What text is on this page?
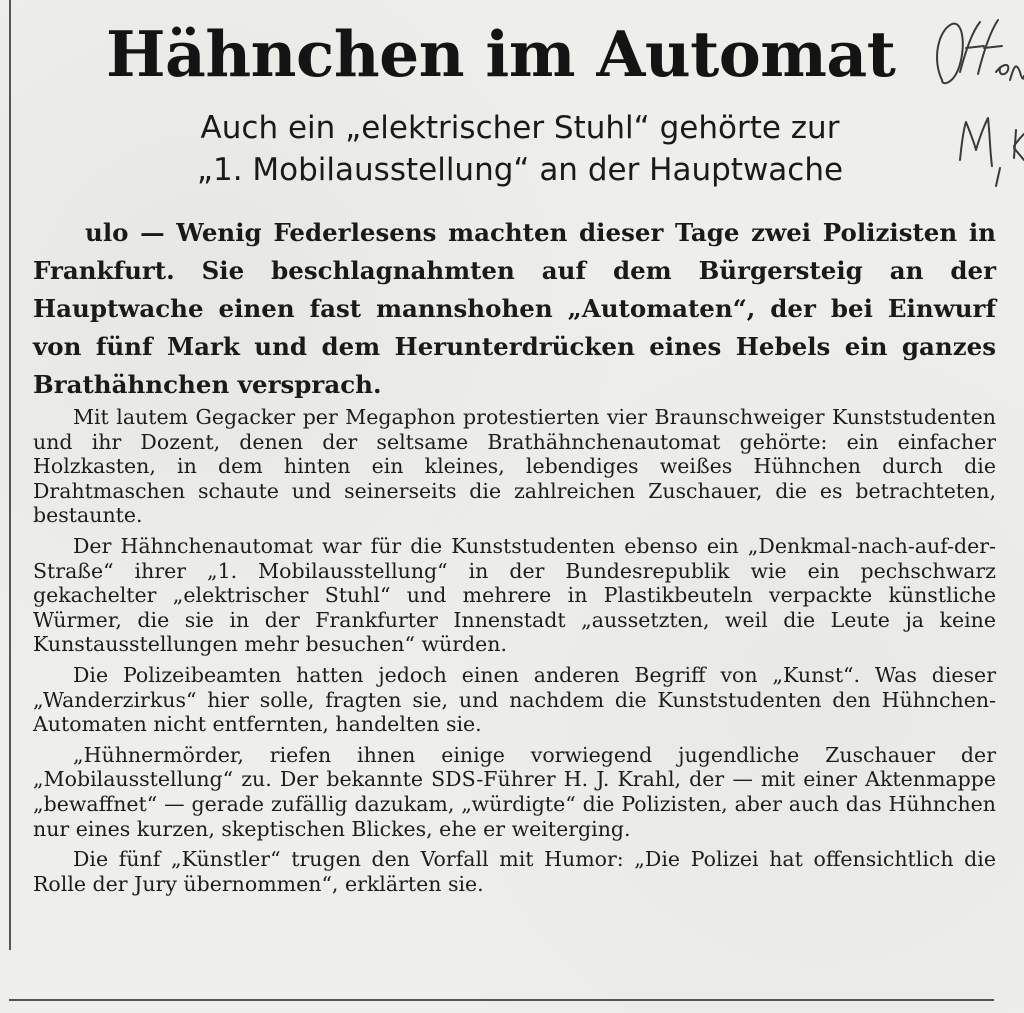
Hähnchen im Automat
Auch ein „elektrischer Stuhl“ gehörte zur
„1. Mobilausstellung“ an der Hauptwache
ulo — Wenig Federlesens machten dieser Tage zwei Polizisten in Frankfurt. Sie beschlagnahmten auf dem Bürgersteig an der Hauptwache einen fast mannshohen „Automaten“, der bei Einwurf von fünf Mark und dem Herunterdrücken eines Hebels ein ganzes Brathähnchen versprach.

Mit lautem Gegacker per Megaphon protestierten vier Braunschweiger Kunststudenten und ihr Dozent, denen der seltsame Brathähnchenautomat gehörte: ein einfacher Holzkasten, in dem hinten ein kleines, lebendiges weißes Hühnchen durch die Drahtmaschen schaute und seinerseits die zahlreichen Zuschauer, die es betrachteten, bestaunte.

Der Hähnchenautomat war für die Kunststudenten ebenso ein „Denkmal-nach-auf-der-Straße“ ihrer „1. Mobilausstellung“ in der Bundesrepublik wie ein pechschwarz gekachelter „elektrischer Stuhl“ und mehrere in Plastikbeuteln verpackte künstliche Würmer, die sie in der Frankfurter Innenstadt „aussetzten, weil die Leute ja keine Kunstausstellungen mehr besuchen“ würden.

Die Polizeibeamten hatten jedoch einen anderen Begriff von „Kunst“. Was dieser „Wanderzirkus“ hier solle, fragten sie, und nachdem die Kunststudenten den Hühnchen-Automaten nicht entfernten, handelten sie.

„Hühnermörder, riefen ihnen einige vorwiegend jugendliche Zuschauer der „Mobilausstellung“ zu. Der bekannte SDS-Führer H. J. Krahl, der — mit einer Aktenmappe „bewaffnet“ — gerade zufällig dazukam, „würdigte“ die Polizisten, aber auch das Hühnchen nur eines kurzen, skeptischen Blickes, ehe er weiterging.

Die fünf „Künstler“ trugen den Vorfall mit Humor: „Die Polizei hat offensichtlich die Rolle der Jury übernommen“, erklärten sie.
